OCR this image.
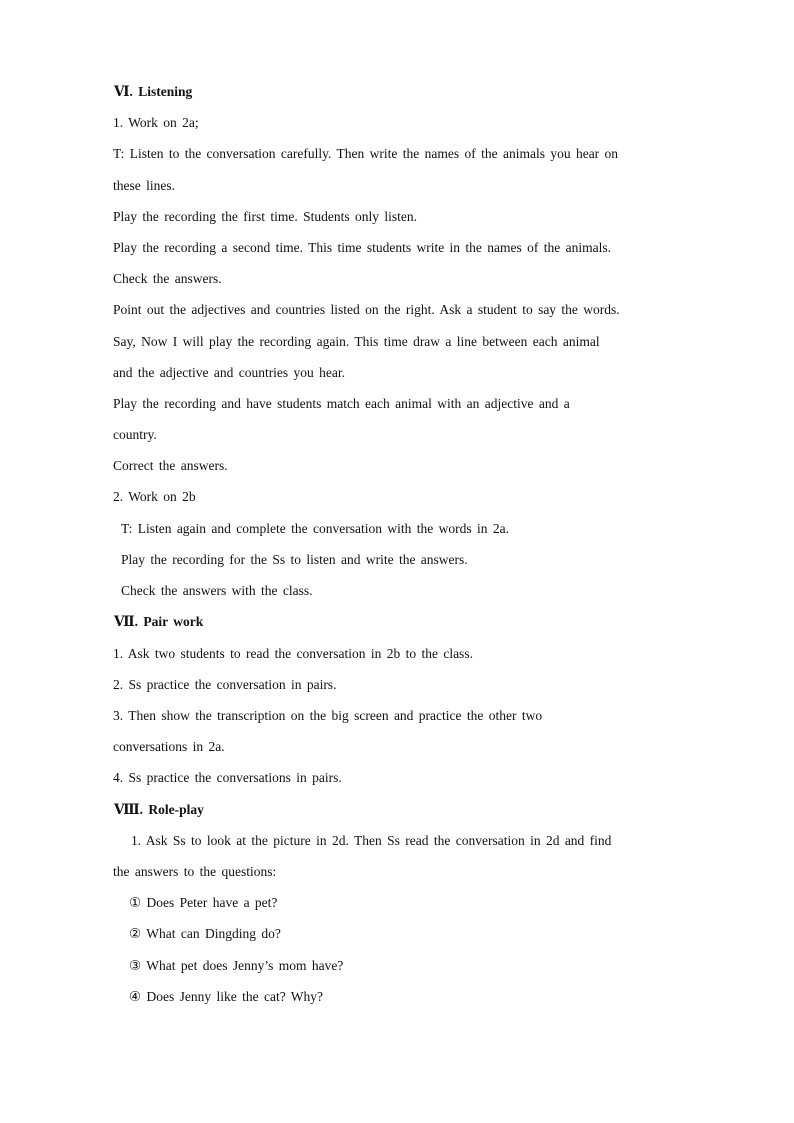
Ⅵ. Listening
1. Work on 2a;
T: Listen to the conversation carefully. Then write the names of the animals you hear on
these lines.
Play the recording the first time. Students only listen.
Play the recording a second time. This time students write in the names of the animals.
Check the answers.
Point out the adjectives and countries listed on the right. Ask a student to say the words.
Say, Now I will play the recording again. This time draw a line between each animal
and the adjective and countries you hear.
Play the recording and have students match each animal with an adjective and a
country.
Correct the answers.
2. Work on 2b
T: Listen again and complete the conversation with the words in 2a.
Play the recording for the Ss to listen and write the answers.
Check the answers with the class.
Ⅶ. Pair work
1. Ask two students to read the conversation in 2b to the class.
2. Ss practice the conversation in pairs.
3. Then show the transcription on the big screen and practice the other two
conversations in 2a.
4. Ss practice the conversations in pairs.
Ⅷ. Role-play
1. Ask Ss to look at the picture in 2d. Then Ss read the conversation in 2d and find
the answers to the questions:
① Does Peter have a pet?
② What can Dingding do?
③ What pet does Jenny’s mom have?
④ Does Jenny like the cat? Why?
